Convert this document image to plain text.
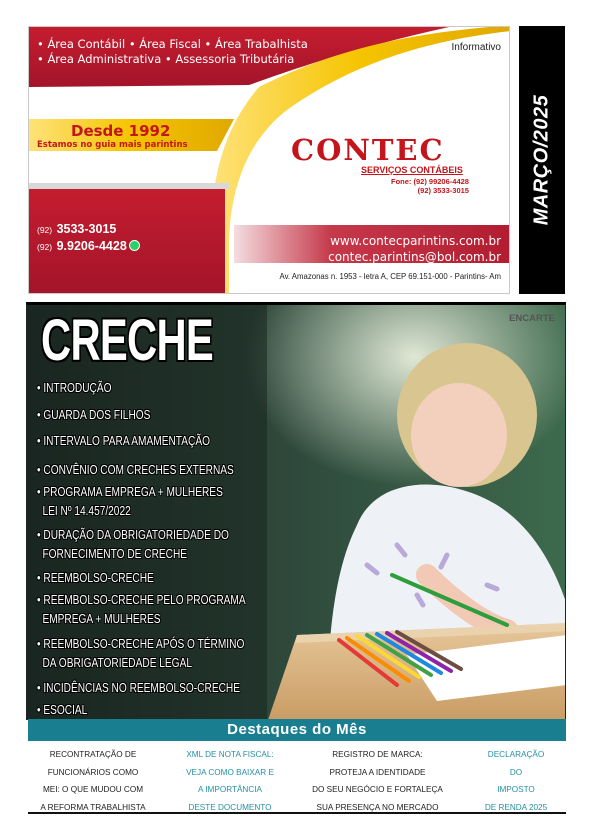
• Área Contábil • Área Fiscal • Área Trabalhista
• Área Administrativa • Assessoria Tributária
Informativo
Desde 1992
Estamos no guia mais parintins	CONTEC
SERVIÇOS CONTÁBEIS
Fone: (92) 99206-4428
(92) 3533-3015
(92) 3533-3015
(92) 9.9206-4428	www.contecparintins.com.br
contec.parintins@bol.com.br
Av. Amazonas n. 1953 - letra A, CEP 69.151-000 - Parintins- Am
MARÇO/2025
ENCARTE
CRECHE
• INTRODUÇÃO
• GUARDA DOS FILHOS
• INTERVALO PARA AMAMENTAÇÃO
• CONVÊNIO COM CRECHES EXTERNAS
• PROGRAMA EMPREGA + MULHERES
LEI Nº 14.457/2022
• DURAÇÃO DA OBRIGATORIEDADE DO
FORNECIMENTO DE CRECHE
• REEMBOLSO-CRECHE
• REEMBOLSO-CRECHE PELO PROGRAMA
EMPREGA + MULHERES
• REEMBOLSO-CRECHE APÓS O TÉRMINO
DA OBRIGATORIEDADE LEGAL
• INCIDÊNCIAS NO REEMBOLSO-CRECHE
• ESOCIAL
Destaques do Mês
RECONTRATAÇÃO DE
FUNCIONÁRIOS COMO
MEI: O QUE MUDOU COM
A REFORMA TRABALHISTA
XML DE NOTA FISCAL:
VEJA COMO BAIXAR E
A IMPORTÂNCIA
DESTE DOCUMENTO
REGISTRO DE MARCA:
PROTEJA A IDENTIDADE
DO SEU NEGÓCIO E FORTALEÇA
SUA PRESENÇA NO MERCADO
DECLARAÇÃO
DO
IMPOSTO
DE RENDA 2025
